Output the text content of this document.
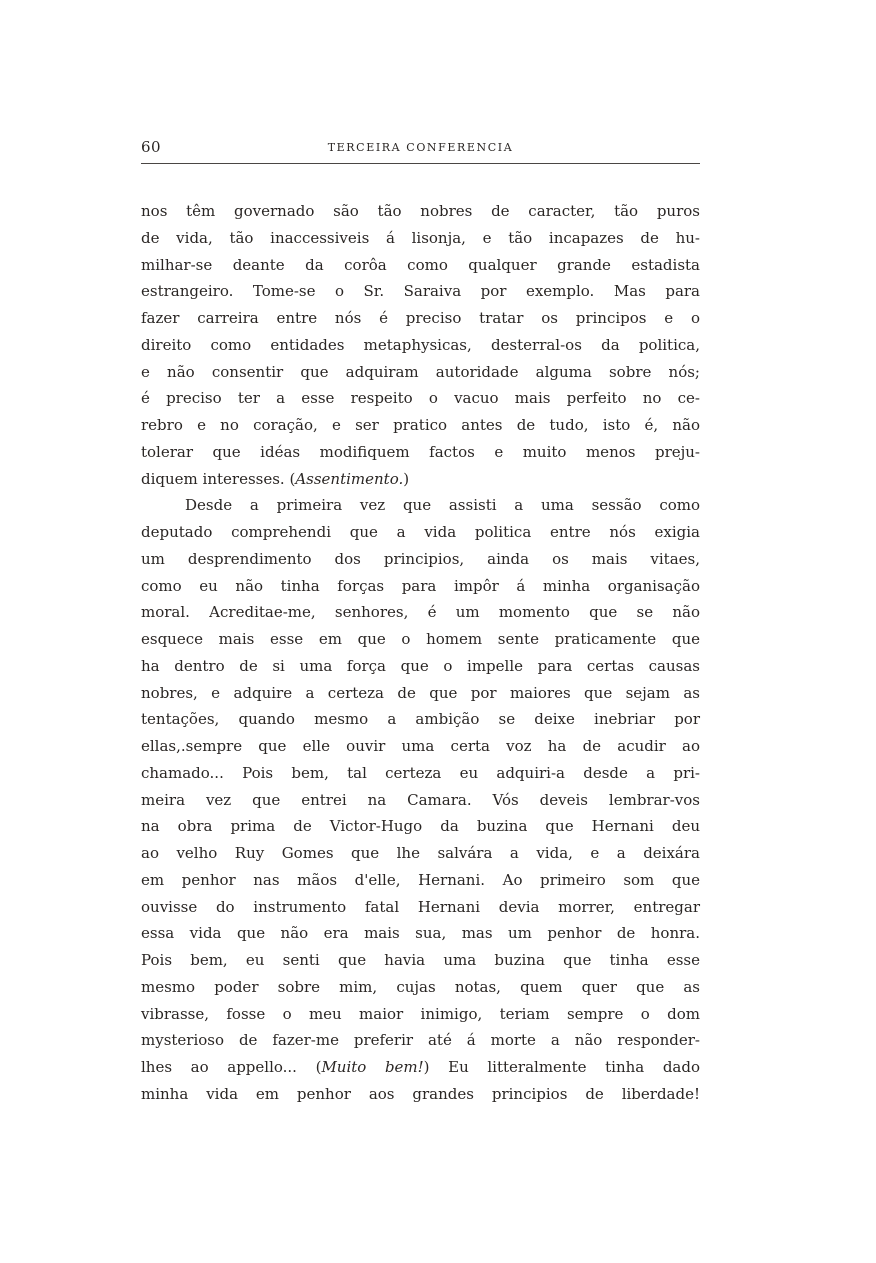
60	TERCEIRA CONFERENCIA
nos têm governado são tão nobres de caracter, tão puros
de vida, tão inaccessiveis á lisonja, e tão incapazes de hu-
milhar-se deante da corôa como qualquer grande estadista
estrangeiro. Tome-se o Sr. Saraiva por exemplo. Mas para
fazer carreira entre nós é preciso tratar os principos e o
direito como entidades metaphysicas, desterral-os da politica,
e não consentir que adquiram autoridade alguma sobre nós;
é preciso ter a esse respeito o vacuo mais perfeito no ce-
rebro e no coração, e ser pratico antes de tudo, isto é, não
tolerar que idéas modifiquem factos e muito menos preju-
diquem interesses. (Assentimento.)
Desde a primeira vez que assisti a uma sessão como
deputado comprehendi que a vida politica entre nós exigia
um desprendimento dos principios, ainda os mais vitaes,
como eu não tinha forças para impôr á minha organisação
moral. Acreditae-me, senhores, é um momento que se não
esquece mais esse em que o homem sente praticamente que
ha dentro de si uma força que o impelle para certas causas
nobres, e adquire a certeza de que por maiores que sejam as
tentações, quando mesmo a ambição se deixe inebriar por
ellas,.sempre que elle ouvir uma certa voz ha de acudir ao
chamado... Pois bem, tal certeza eu adquiri-a desde a pri-
meira vez que entrei na Camara. Vós deveis lembrar-vos
na obra prima de Victor-Hugo da buzina que Hernani deu
ao velho Ruy Gomes que lhe salvára a vida, e a deixára
em penhor nas mãos d'elle, Hernani. Ao primeiro som que
ouvisse do instrumento fatal Hernani devia morrer, entregar
essa vida que não era mais sua, mas um penhor de honra.
Pois bem, eu senti que havia uma buzina que tinha esse
mesmo poder sobre mim, cujas notas, quem quer que as
vibrasse, fosse o meu maior inimigo, teriam sempre o dom
mysterioso de fazer-me preferir até á morte a não responder-
lhes ao appello... (Muito bem!) Eu litteralmente tinha dado
minha vida em penhor aos grandes principios de liberdade!
